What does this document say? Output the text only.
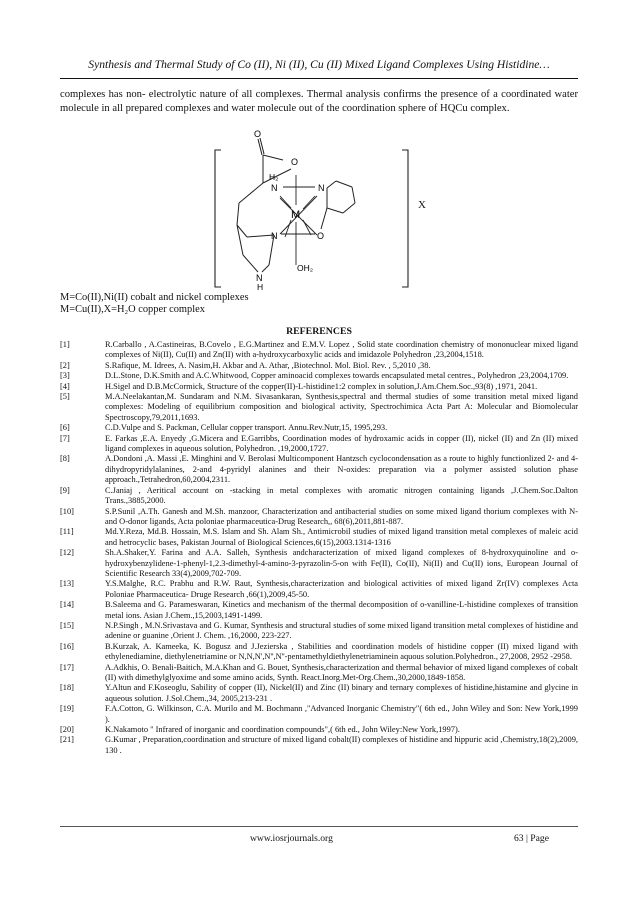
Synthesis and Thermal Study of Co (II), Ni (II), Cu (II) Mixed Ligand Complexes Using Histidine…
complexes has non- electrolytic nature of all complexes. Thermal analysis confirms the presence of a coordinated water molecule in all prepared complexes and water molecule out of the coordination sphere of HQCu complex.
O
O
H₂
N	N
M
N	O
N
H
OH₂
X
M=Co(II),Ni(II) cobalt and nickel complexes
M=Cu(II),X=H₂O copper complex
REFERENCES
[1]	R.Carballo , A.Castineiras, B.Covelo , E.G.Martinez and E.M.V. Lopez , Solid state coordination chemistry of mononuclear mixed ligand complexes of Ni(II), Cu(II) and Zn(II) with a-hydroxycarboxylic acids and imidazole Polyhedron ,23,2004,1518.
[2]	S.Rafique, M. Idrees, A. Nasim,H. Akbar and A. Athar, ,Biotechnol. Mol. Biol. Rev. , 5,2010 ,38.
[3]	D.L.Stone, D.K.Smith and A.C.Whitwood, Copper aminoacid complexes towards encapsulated metal centres., Polyhedron ,23,2004,1709.
[4]	H.Sigel and D.B.McCormick, Structure of the copper(II)-L-histidine1:2 complex in solution,J.Am.Chem.Soc.,93(8) ,1971, 2041.
[5]	M.A.Neelakantan,M. Sundaram and N.M. Sivasankaran, Synthesis,spectral and thermal studies of some transition metal mixed ligand complexes: Modeling of equilibrium composition and biological activity, Spectrochimica Acta Part A: Molecular and Biomolecular Spectroscopy,79,2011,1693.
[6]	C.D.Vulpe and S. Packman, Cellular copper transport. Annu.Rev.Nutr,15, 1995,293.
[7]	E. Farkas ,E.A. Enyedy ,G.Micera and E.Garribbs, Coordination modes of hydroxamic acids in copper (II), nickel (II) and Zn (II) mixed ligand complexes in aqueous solution, Polyhedron. ,19,2000,1727.
[8]	A.Dondoni ,A. Massi ,E. Minghini and V. Berolasi Multicomponent Hantzsch cyclocondensation as a route to highly functionlized 2- and 4-dihydropyridylalanines, 2-and 4-pyridyl alanines and their N-oxides: preparation via a polymer assisted solution phase approach.,Tetrahedron,60,2004,2311.
[9]	C.Janiaj , Aeritical account on -stacking in metal complexes with aromatic nitrogen containing ligands ,J.Chem.Soc.Dalton Trans.,3885,2000.
[10]	S.P.Sunil ,A.Th. Ganesh and M.Sh. manzoor, Characterization and antibacterial studies on some mixed ligand thorium complexes with N-and O-donor ligands, Acta poloniae pharmaceutica-Drug Research,, 68(6),2011,881-887.
[11]	Md.Y.Reza, Md.B. Hossain, M.S. Islam and Sh. Alam Sh., Antimicrobil studies of mixed ligand transition metal complexes of maleic acid and hetrocyclic bases, Pakistan Journal of Biological Sciences,6(15),2003.1314-1316
[12]	Sh.A.Shaker,Y. Farina and A.A. Salleh, Synthesis andcharacterization of mixed ligand complexes of 8-hydroxyquinoline and o-hydroxybenzylidene-1-phenyl-1,2.3-dimethyl-4-amino-3-pyrazolin-5-on with Fe(II), Co(II), Ni(II) and Cu(II) ions, European Journal of Scientific Research 33(4),2009,702-709.
[13]	Y.S.Malghe, R.C. Prabhu and R.W. Raut, Synthesis,characterization and biological activities of mixed ligand Zr(IV) complexes Acta Poloniae Pharmaceutica- Druge Research ,66(1),2009,45-50.
[14]	B.Saleema and G. Parameswaran, Kinetics and mechanism of the thermal decomposition of o-vanilline-L-histidine complexes of transition metal ions. Asian J.Chem.,15,2003,1491-1499.
[15]	N.P.Singh , M.N.Srivastava and G. Kumar, Synthesis and structural studies of some mixed ligand transition metal complexes of histidine and adenine or guanine ,Orient J. Chem. ,16,2000, 223-227.
[16]	B.Kurzak, A. Kameeka, K. Bogusz and J.Jezierska , Stabilities and coordination models of histidine copper (II) mixed ligand with ethylenediamine, diethylenetriamine or N,N,N',N'',N''-pentamethyldiethylenetriaminein aquous solution.Polyhedron., 27,2008, 2952 -2958.
[17]	A.Adkhis, O. Benali-Baitich, M.A.Khan and G. Bouet, Synthesis,characterization and thermal behavior of mixed ligand complexes of cobalt (II) with dimethylglyoxime and some amino acids, Synth. React.Inorg.Met-Org.Chem.,30,2000,1849-1858.
[18]	Y.Altun and F.Koseoglu, Sability of copper (II), Nickel(II) and Zinc (II) binary and ternary complexes of histidine,histamine and glycine in aqueous solution. J.Sol.Chem.,34, 2005,213-231 .
[19]	F.A.Cotton, G. Wilkinson, C.A. Murilo and M. Bochmann ,"Advanced Inorganic Chemistry"( 6th ed., John Wiley and Son: New York,1999 ).
[20]	K.Nakamoto " Infrared of inorganic and coordination compounds",( 6th ed., John Wiley:New York,1997).
[21]	G.Kumar , Preparation,coordination and structure of mixed ligand cobalt(II) complexes of histidine and hippuric acid ,Chemistry,18(2),2009, 130 .
www.iosrjournals.org	63 | Page
